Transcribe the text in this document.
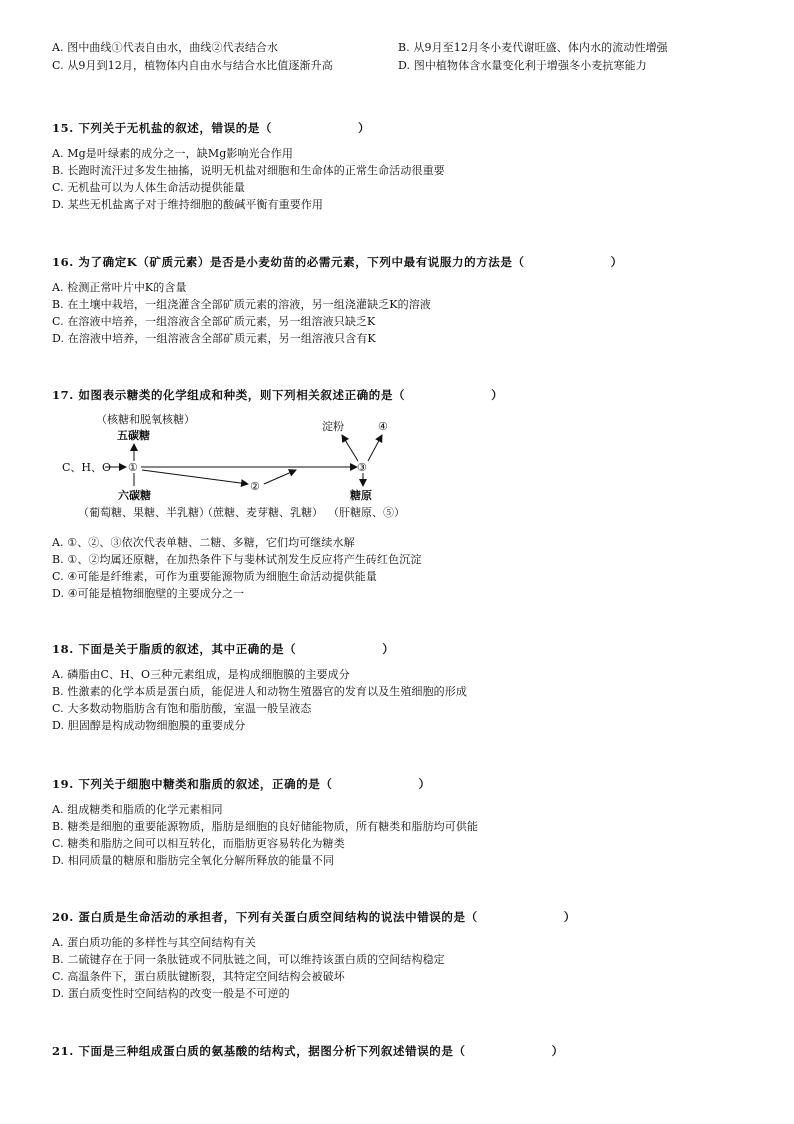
A. 图中曲线①代表自由水，曲线②代表结合水	B. 从9月至12月冬小麦代谢旺盛、体内水的流动性增强
C. 从9月到12月，植物体内自由水与结合水比值逐渐升高	D. 图中植物体含水量变化利于增强冬小麦抗寒能力
15. 下列关于无机盐的叙述，错误的是（	）
A. Mg是叶绿素的成分之一，缺Mg影响光合作用
B. 长跑时流汗过多发生抽搐，说明无机盐对细胞和生命体的正常生命活动很重要
C. 无机盐可以为人体生命活动提供能量
D. 某些无机盐离子对于维持细胞的酸碱平衡有重要作用
16. 为了确定K（矿质元素）是否是小麦幼苗的必需元素，下列中最有说服力的方法是（	）
A. 检测正常叶片中K的含量
B. 在土壤中栽培，一组浇灌含全部矿质元素的溶液，另一组浇灌缺乏K的溶液
C. 在溶液中培养，一组溶液含全部矿质元素，另一组溶液只缺乏K
D. 在溶液中培养，一组溶液含全部矿质元素，另一组溶液只含有K
17. 如图表示糖类的化学组成和种类，则下列相关叙述正确的是（	）
（核糖和脱氧核糖）
五碳糖
C、H、O ①
②
③
淀粉	④
六碳糖	糖原
（葡萄糖、果糖、半乳糖）
（蔗糖、麦芽糖、乳糖） （肝糖原、⑤）
A. ①、②、③依次代表单糖、二糖、多糖，它们均可继续水解
B. ①、②均属还原糖，在加热条件下与斐林试剂发生反应将产生砖红色沉淀
C. ④可能是纤维素，可作为重要能源物质为细胞生命活动提供能量
D. ④可能是植物细胞壁的主要成分之一
18. 下面是关于脂质的叙述，其中正确的是（	）
A. 磷脂由C、H、O三种元素组成，是构成细胞膜的主要成分
B. 性激素的化学本质是蛋白质，能促进人和动物生殖器官的发育以及生殖细胞的形成
C. 大多数动物脂肪含有饱和脂肪酸，室温一般呈液态
D. 胆固醇是构成动物细胞膜的重要成分
19. 下列关于细胞中糖类和脂质的叙述，正确的是（	）
A. 组成糖类和脂质的化学元素相同
B. 糖类是细胞的重要能源物质，脂肪是细胞的良好储能物质，所有糖类和脂肪均可供能
C. 糖类和脂肪之间可以相互转化，而脂肪更容易转化为糖类
D. 相同质量的糖原和脂肪完全氧化分解所释放的能量不同
20. 蛋白质是生命活动的承担者，下列有关蛋白质空间结构的说法中错误的是（	）
A. 蛋白质功能的多样性与其空间结构有关
B. 二硫键存在于同一条肽链或不同肽链之间，可以维持该蛋白质的空间结构稳定
C. 高温条件下，蛋白质肽键断裂，其特定空间结构会被破坏
D. 蛋白质变性时空间结构的改变一般是不可逆的
21. 下面是三种组成蛋白质的氨基酸的结构式，据图分析下列叙述错误的是（	）
